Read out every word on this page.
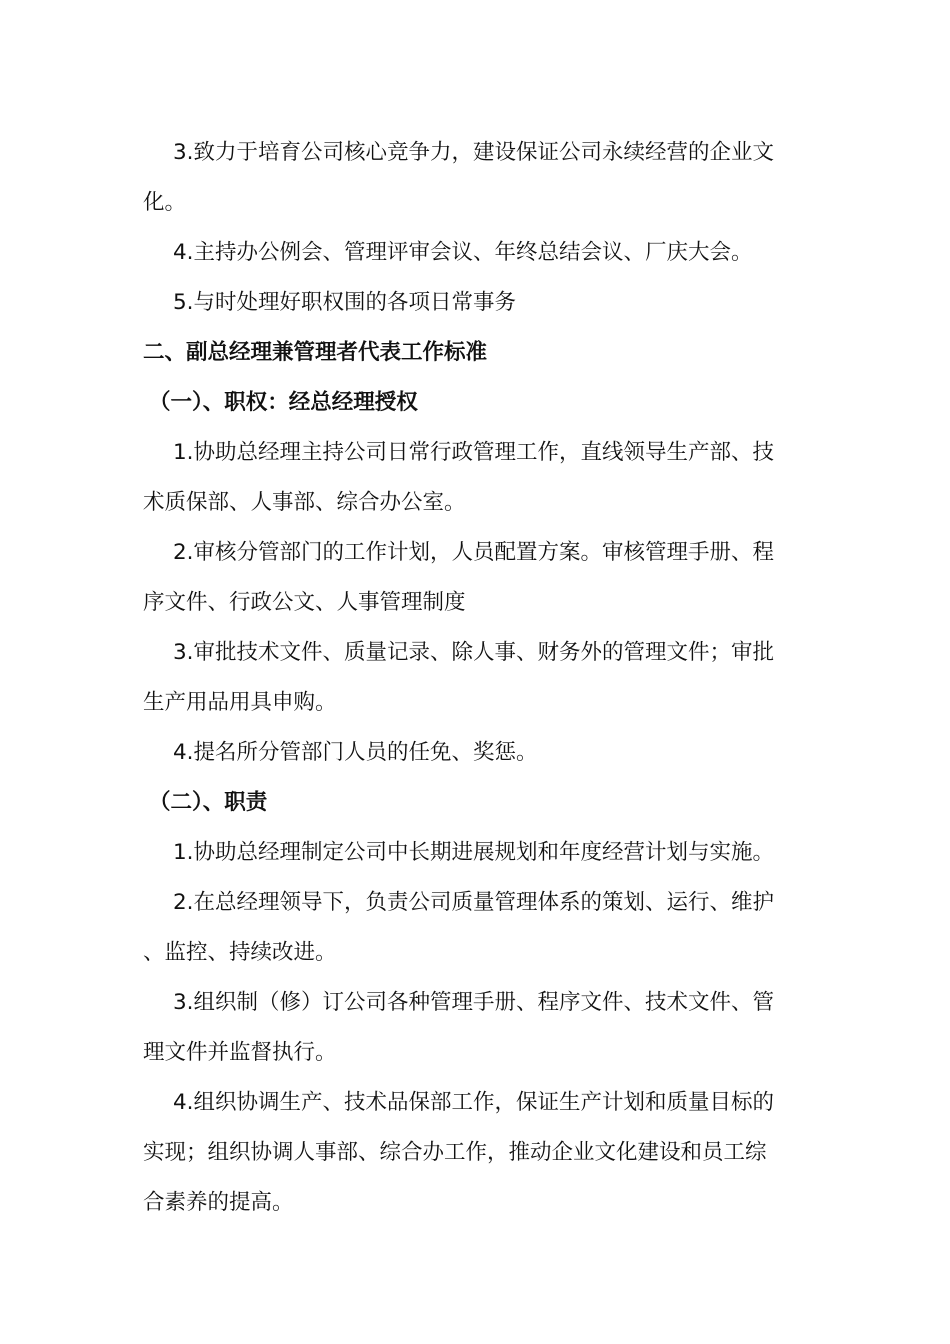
3.致力于培育公司核心竞争力，建设保证公司永续经营的企业文
化。
4.主持办公例会、管理评审会议、年终总结会议、厂庆大会。
5.与时处理好职权围的各项日常事务
二、副总经理兼管理者代表工作标准
（一）、职权：经总经理授权
1.协助总经理主持公司日常行政管理工作，直线领导生产部、技
术质保部、人事部、综合办公室。
2.审核分管部门的工作计划，人员配置方案。审核管理手册、程
序文件、行政公文、人事管理制度
3.审批技术文件、质量记录、除人事、财务外的管理文件；审批
生产用品用具申购。
4.提名所分管部门人员的任免、奖惩。
（二）、职责
1.协助总经理制定公司中长期进展规划和年度经营计划与实施。
2.在总经理领导下，负责公司质量管理体系的策划、运行、维护
、监控、持续改进。
3.组织制（修）订公司各种管理手册、程序文件、技术文件、管
理文件并监督执行。
4.组织协调生产、技术品保部工作，保证生产计划和质量目标的
实现；组织协调人事部、综合办工作，推动企业文化建设和员工综
合素养的提高。
